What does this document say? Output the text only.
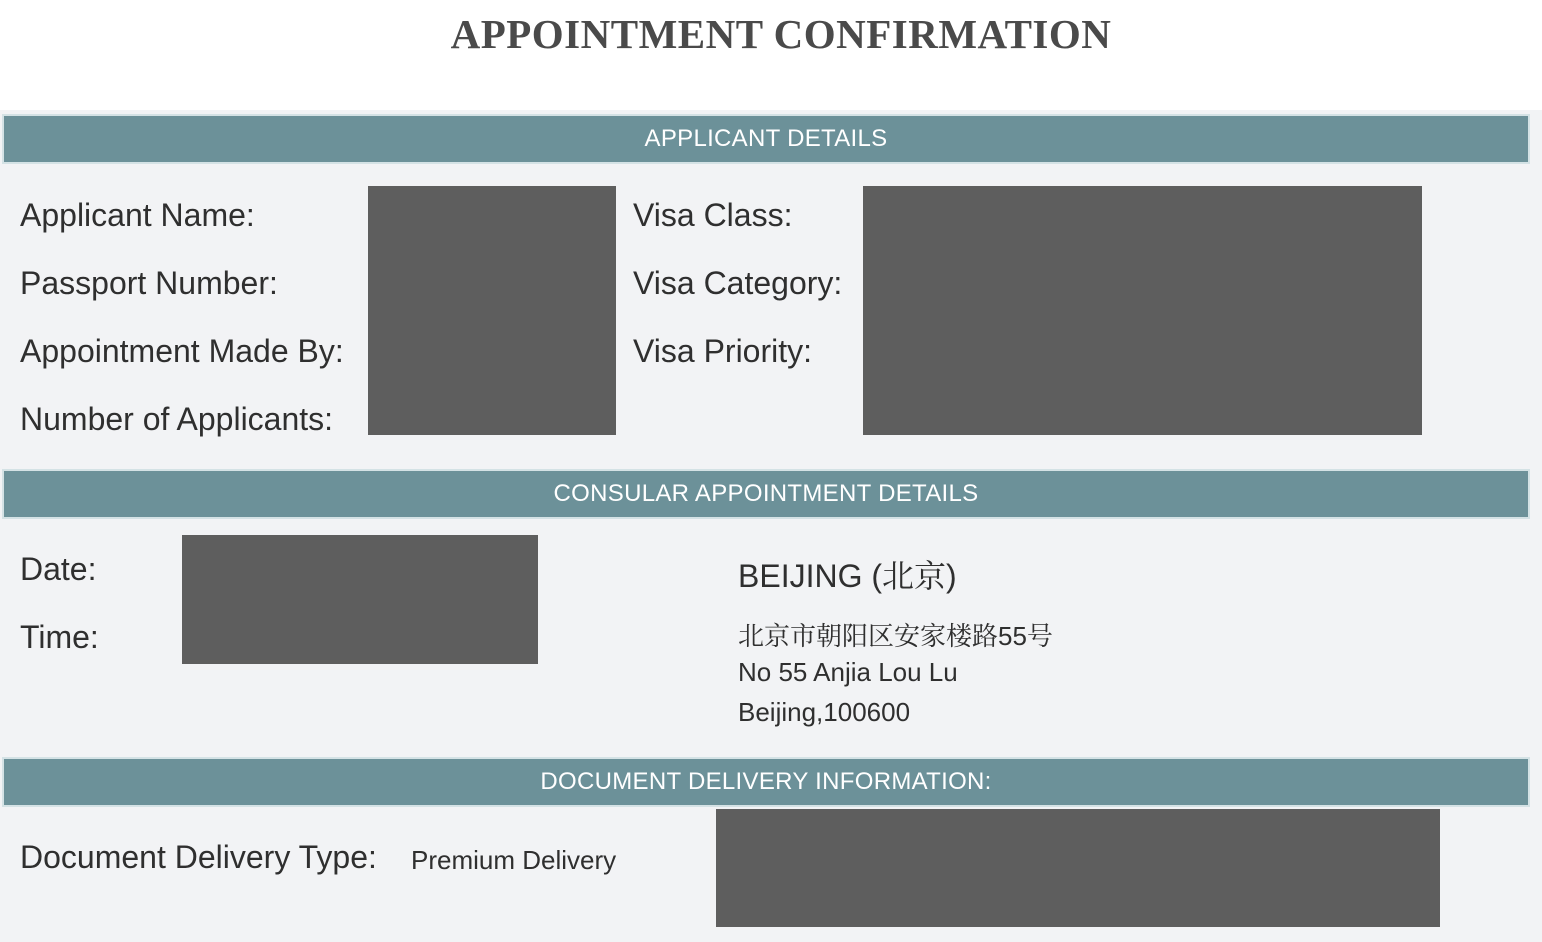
APPOINTMENT CONFIRMATION
APPLICANT DETAILS
Applicant Name:
Passport Number:
Appointment Made By:
Number of Applicants:
Visa Class:
Visa Category:
Visa Priority:
CONSULAR APPOINTMENT DETAILS
Date:
Time:
BEIJING (北京)
北京市朝阳区安家楼路55号
No 55 Anjia Lou Lu
Beijing,100600
DOCUMENT DELIVERY INFORMATION:
Document Delivery Type: Premium Delivery
